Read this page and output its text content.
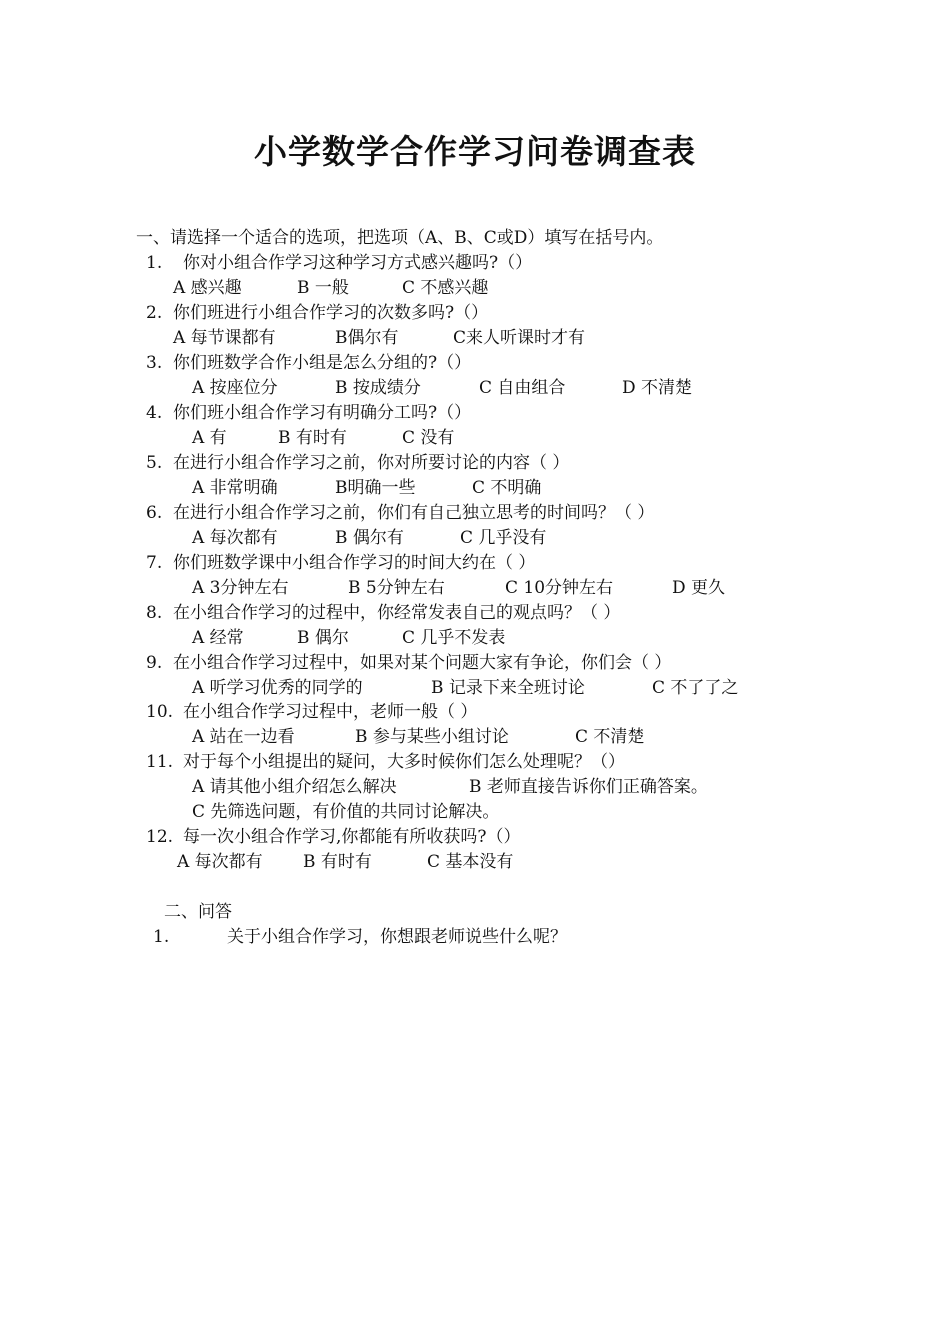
小学数学合作学习问卷调查表
一、请选择一个适合的选项，把选项（A、B、C或D）填写在括号内。
1. 你对小组合作学习这种学习方式感兴趣吗?（）
A 感兴趣	B 一般	C 不感兴趣
2. 你们班进行小组合作学习的次数多吗?（）
A 每节课都有	B偶尔有	C来人听课时才有
3. 你们班数学合作小组是怎么分组的?（）
A 按座位分	B 按成绩分	C 自由组合	D 不清楚
4. 你们班小组合作学习有明确分工吗?（）
A 有	B 有时有	C 没有
5. 在进行小组合作学习之前，你对所要讨论的内容（ ）
A 非常明确	B明确一些	C 不明确
6. 在进行小组合作学习之前，你们有自己独立思考的时间吗？（ ）
A 每次都有	B 偶尔有	C 几乎没有
7. 你们班数学课中小组合作学习的时间大约在（ ）
A 3分钟左右	B 5分钟左右	C 10分钟左右	D 更久
8. 在小组合作学习的过程中，你经常发表自己的观点吗？（ ）
A 经常	B 偶尔	C 几乎不发表
9. 在小组合作学习过程中，如果对某个问题大家有争论，你们会（ ）
A 听学习优秀的同学的	B 记录下来全班讨论	C 不了了之
10. 在小组合作学习过程中，老师一般（ ）
A 站在一边看	B 参与某些小组讨论	C 不清楚
11. 对于每个小组提出的疑问，大多时候你们怎么处理呢？（）
A 请其他小组介绍怎么解决	B 老师直接告诉你们正确答案。
C 先筛选问题，有价值的共同讨论解决。
12. 每一次小组合作学习,你都能有所收获吗?（）
A 每次都有 B 有时有	C 基本没有
二、问答
1.	关于小组合作学习，你想跟老师说些什么呢？
